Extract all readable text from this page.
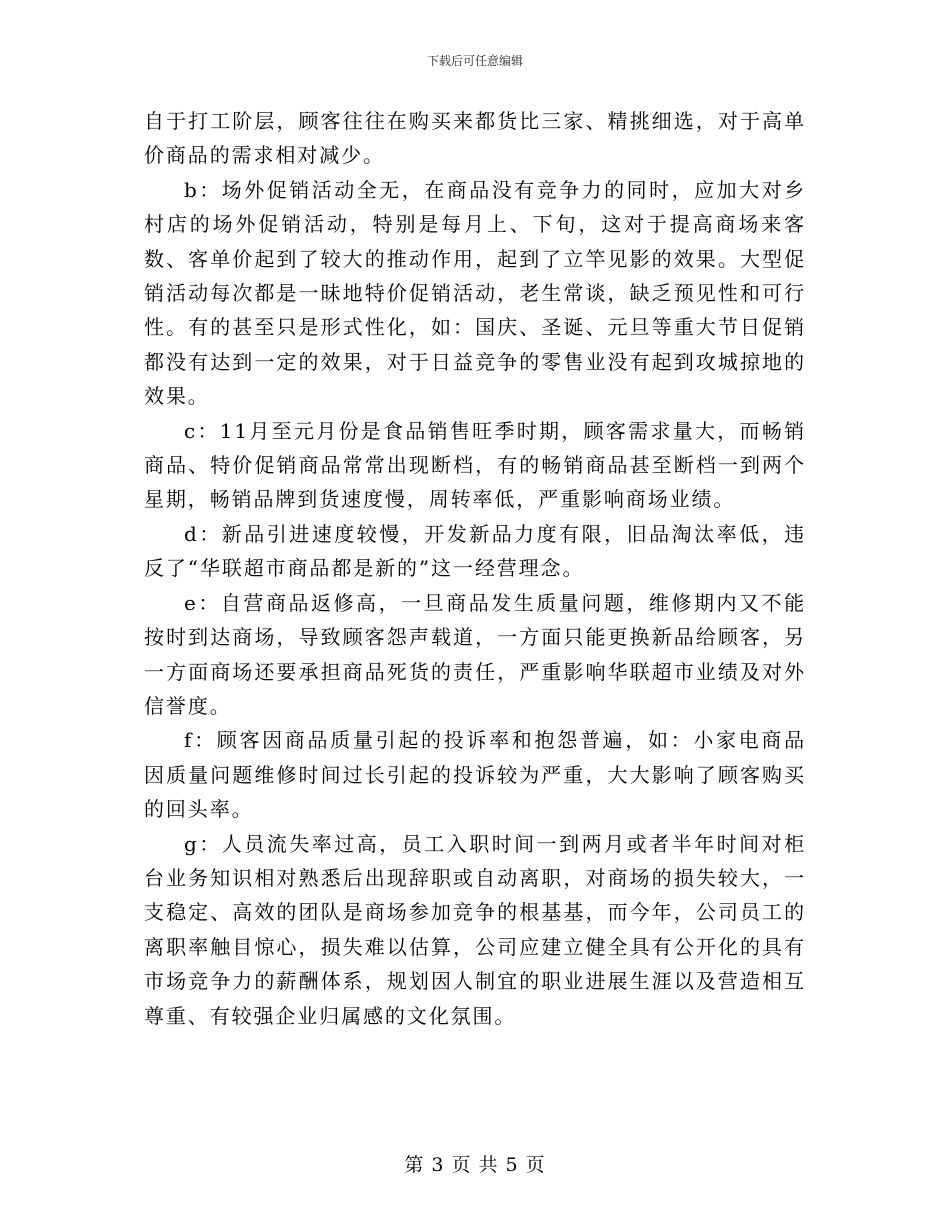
下载后可任意编辑

自于打工阶层，顾客往往在购买来都货比三家、精挑细选，对于高单价商品的需求相对减少。

b：场外促销活动全无，在商品没有竞争力的同时，应加大对乡村店的场外促销活动，特别是每月上、下旬，这对于提高商场来客数、客单价起到了较大的推动作用，起到了立竿见影的效果。大型促销活动每次都是一昧地特价促销活动，老生常谈，缺乏预见性和可行性。有的甚至只是形式性化，如：国庆、圣诞、元旦等重大节日促销都没有达到一定的效果，对于日益竞争的零售业没有起到攻城掠地的效果。

c：11月至元月份是食品销售旺季时期，顾客需求量大，而畅销商品、特价促销商品常常出现断档，有的畅销商品甚至断档一到两个星期，畅销品牌到货速度慢，周转率低，严重影响商场业绩。

d：新品引进速度较慢，开发新品力度有限，旧品淘汰率低，违反了“华联超市商品都是新的”这一经营理念。

e：自营商品返修高，一旦商品发生质量问题，维修期内又不能按时到达商场，导致顾客怨声载道，一方面只能更换新品给顾客，另一方面商场还要承担商品死货的责任，严重影响华联超市业绩及对外信誉度。

f：顾客因商品质量引起的投诉率和抱怨普遍，如：小家电商品因质量问题维修时间过长引起的投诉较为严重，大大影响了顾客购买的回头率。

g：人员流失率过高，员工入职时间一到两月或者半年时间对柜台业务知识相对熟悉后出现辞职或自动离职，对商场的损失较大，一支稳定、高效的团队是商场参加竞争的根基基，而今年，公司员工的离职率触目惊心，损失难以估算，公司应建立健全具有公开化的具有市场竞争力的薪酬体系，规划因人制宜的职业进展生涯以及营造相互尊重、有较强企业归属感的文化氛围。

第 3 页 共 5 页
